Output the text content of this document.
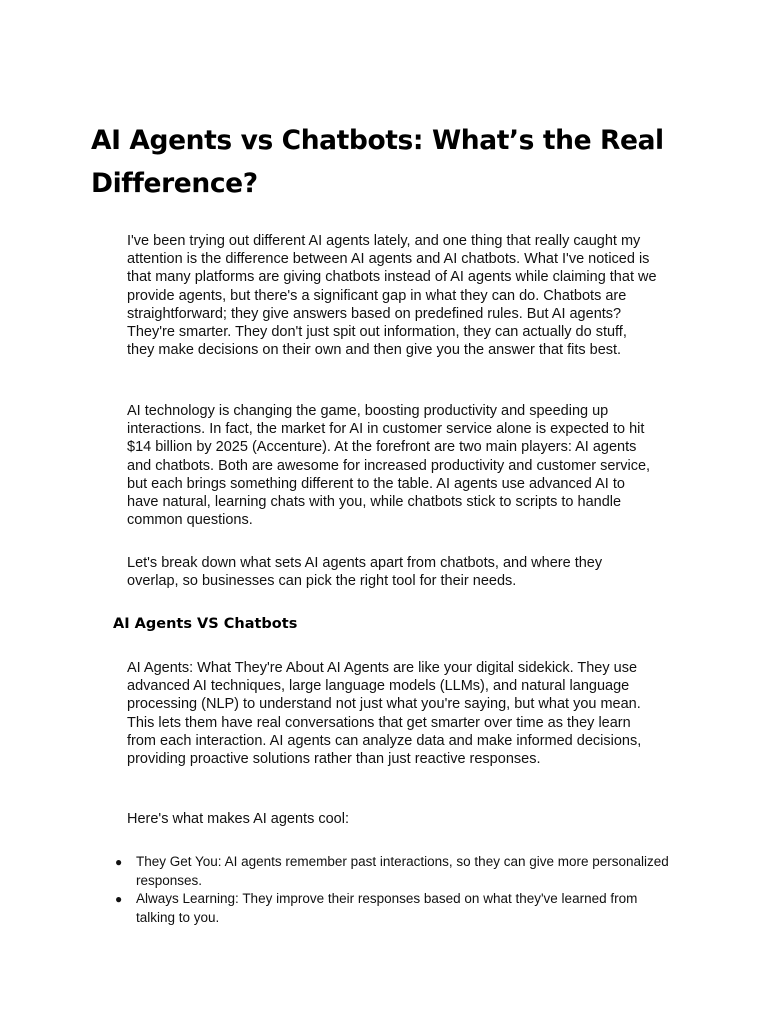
AI Agents vs Chatbots: What’s the Real Difference?

I've been trying out different AI agents lately, and one thing that really caught my attention is the difference between AI agents and AI chatbots. What I've noticed is that many platforms are giving chatbots instead of AI agents while claiming that we provide agents, but there's a significant gap in what they can do. Chatbots are straightforward; they give answers based on predefined rules. But AI agents? They're smarter. They don't just spit out information, they can actually do stuff, they make decisions on their own and then give you the answer that fits best.

AI technology is changing the game, boosting productivity and speeding up interactions. In fact, the market for AI in customer service alone is expected to hit $14 billion by 2025 (Accenture). At the forefront are two main players: AI agents and chatbots. Both are awesome for increased productivity and customer service, but each brings something different to the table. AI agents use advanced AI to have natural, learning chats with you, while chatbots stick to scripts to handle common questions.

Let's break down what sets AI agents apart from chatbots, and where they overlap, so businesses can pick the right tool for their needs.

AI Agents VS Chatbots

AI Agents: What They're About AI Agents are like your digital sidekick. They use advanced AI techniques, large language models (LLMs), and natural language processing (NLP) to understand not just what you're saying, but what you mean. This lets them have real conversations that get smarter over time as they learn from each interaction. AI agents can analyze data and make informed decisions, providing proactive solutions rather than just reactive responses.

Here's what makes AI agents cool:

● They Get You: AI agents remember past interactions, so they can give more personalized responses.
● Always Learning: They improve their responses based on what they've learned from talking to you.
